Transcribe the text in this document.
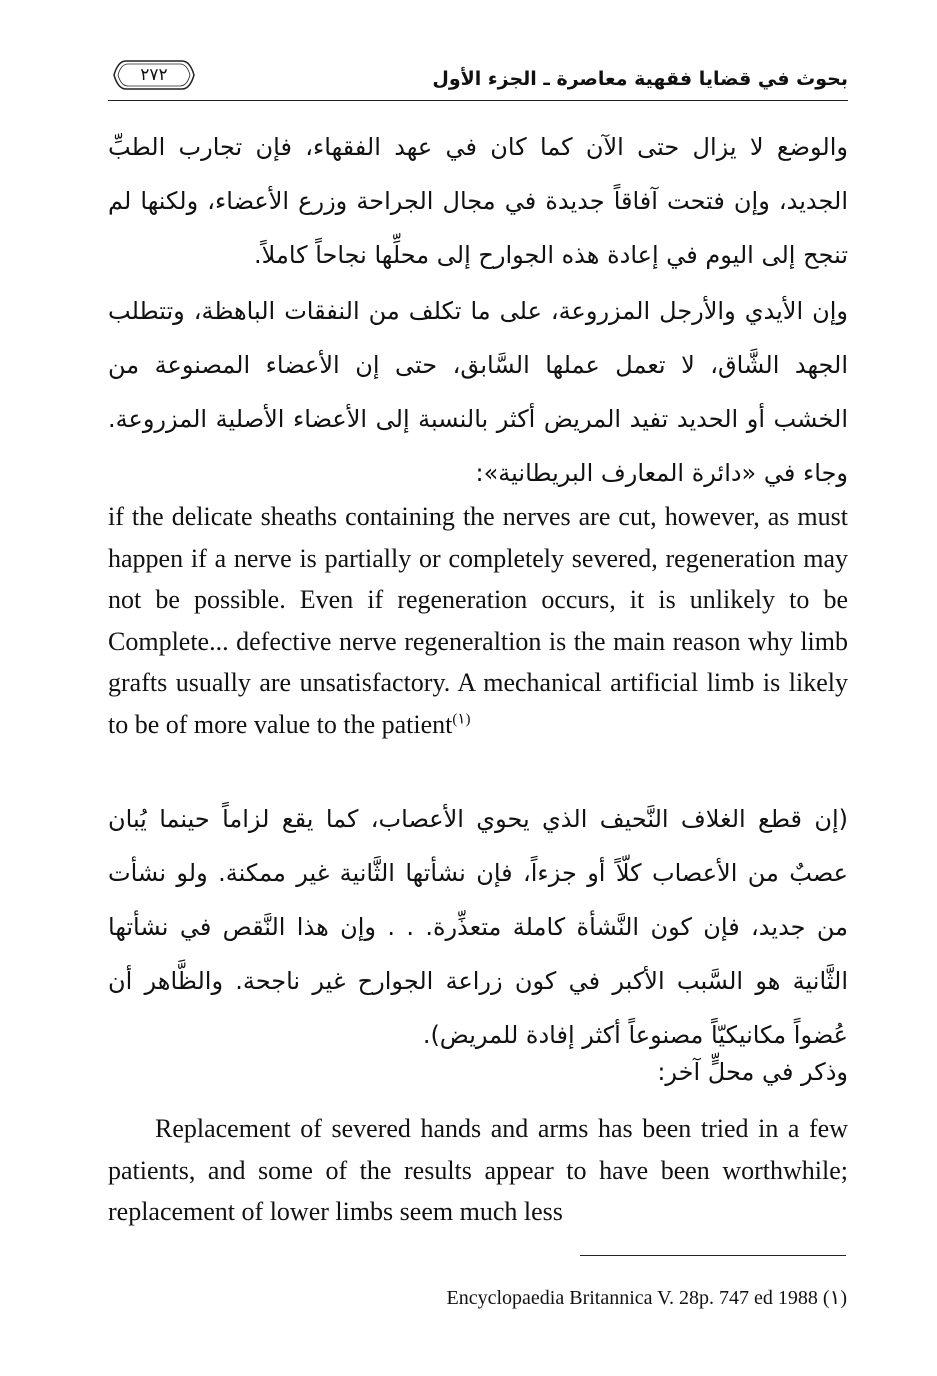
٢٧٢	بحوث في قضايا فقهية معاصرة ـ الجزء الأول

والوضع لا يزال حتى الآن كما كان في عهد الفقهاء، فإن تجارب الطبِّ الجديد، وإن فتحت آفاقاً جديدة في مجال الجراحة وزرع الأعضاء، ولكنها لم تنجح إلى اليوم في إعادة هذه الجوارح إلى محلِّها نجاحاً كاملاً.

وإن الأيدي والأرجل المزروعة، على ما تكلف من النفقات الباهظة، وتتطلب الجهد الشَّاق، لا تعمل عملها السَّابق، حتى إن الأعضاء المصنوعة من الخشب أو الحديد تفيد المريض أكثر بالنسبة إلى الأعضاء الأصلية المزروعة. وجاء في «دائرة المعارف البريطانية»:

if the delicate sheaths containing the nerves are cut, however, as must happen if a nerve is partially or completely severed, regeneration may not be possible. Even if regeneration occurs, it is unlikely to be Complete... defective nerve regeneraltion is the main reason why limb grafts usually are unsatisfactory. A mechanical artificial limb is likely to be of more value to the patient$^{(١)}$

(إن قطع الغلاف النَّحيف الذي يحوي الأعصاب، كما يقع لزاماً حينما يُبان عصبٌ من الأعصاب كلّاً أو جزءاً، فإن نشأتها الثَّانية غير ممكنة. ولو نشأت من جديد، فإن كون النَّشأة كاملة متعذِّرة. . . وإن هذا النَّقص في نشأتها الثَّانية هو السَّبب الأكبر في كون زراعة الجوارح غير ناجحة. والظَّاهر أن عُضواً مكانيكيّاً مصنوعاً أكثر إفادة للمريض).

وذكر في محلٍّ آخر:

Replacement of severed hands and arms has been tried in a few patients, and some of the results appear to have been worthwhile; replacement of lower limbs seem much less

Encyclopaedia Britannica V. 28p. 747 ed 1988 (١)
